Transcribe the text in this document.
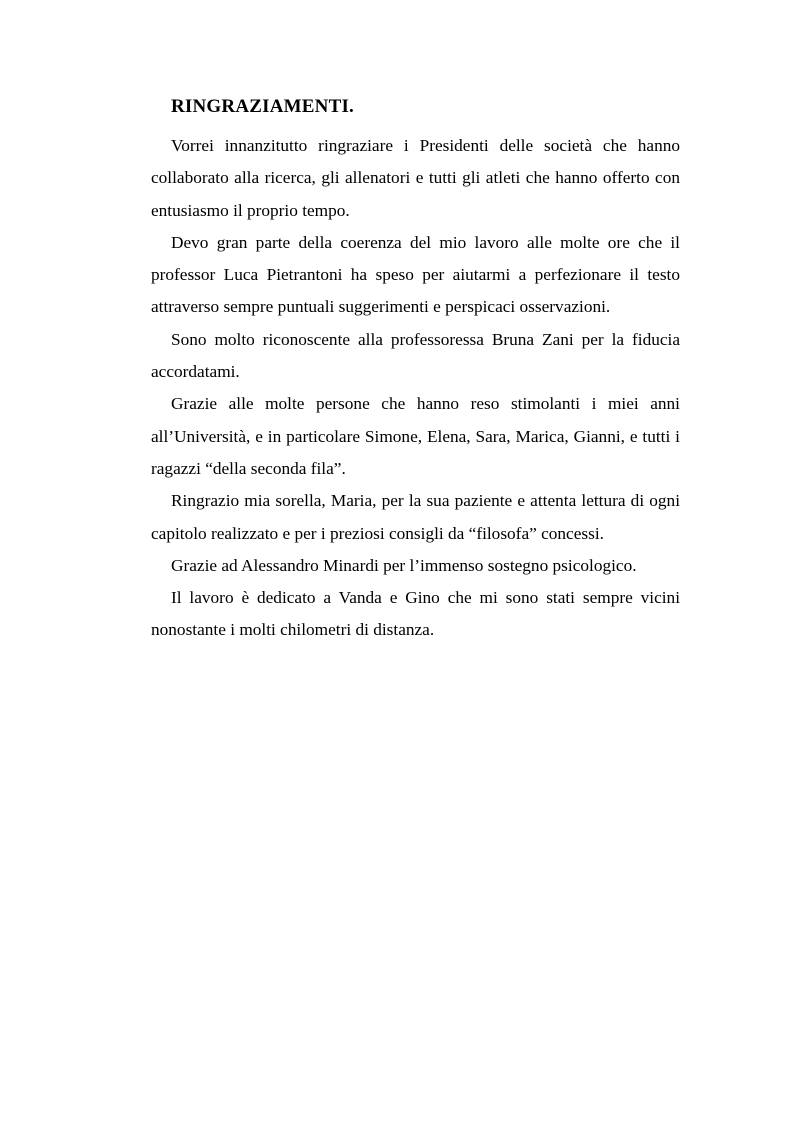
RINGRAZIAMENTI.

Vorrei innanzitutto ringraziare i Presidenti delle società che hanno collaborato alla ricerca, gli allenatori e tutti gli atleti che hanno offerto con entusiasmo il proprio tempo.

Devo gran parte della coerenza del mio lavoro alle molte ore che il professor Luca Pietrantoni ha speso per aiutarmi a perfezionare il testo attraverso sempre puntuali suggerimenti e perspicaci osservazioni.

Sono molto riconoscente alla professoressa Bruna Zani per la fiducia accordatami.

Grazie alle molte persone che hanno reso stimolanti i miei anni all’Università, e in particolare Simone, Elena, Sara, Marica, Gianni, e tutti i ragazzi “della seconda fila”.

Ringrazio mia sorella, Maria, per la sua paziente e attenta lettura di ogni capitolo realizzato e per i preziosi consigli da “filosofa” concessi.

Grazie ad Alessandro Minardi per l’immenso sostegno psicologico.

Il lavoro è dedicato a Vanda e Gino che mi sono stati sempre vicini nonostante i molti chilometri di distanza.
